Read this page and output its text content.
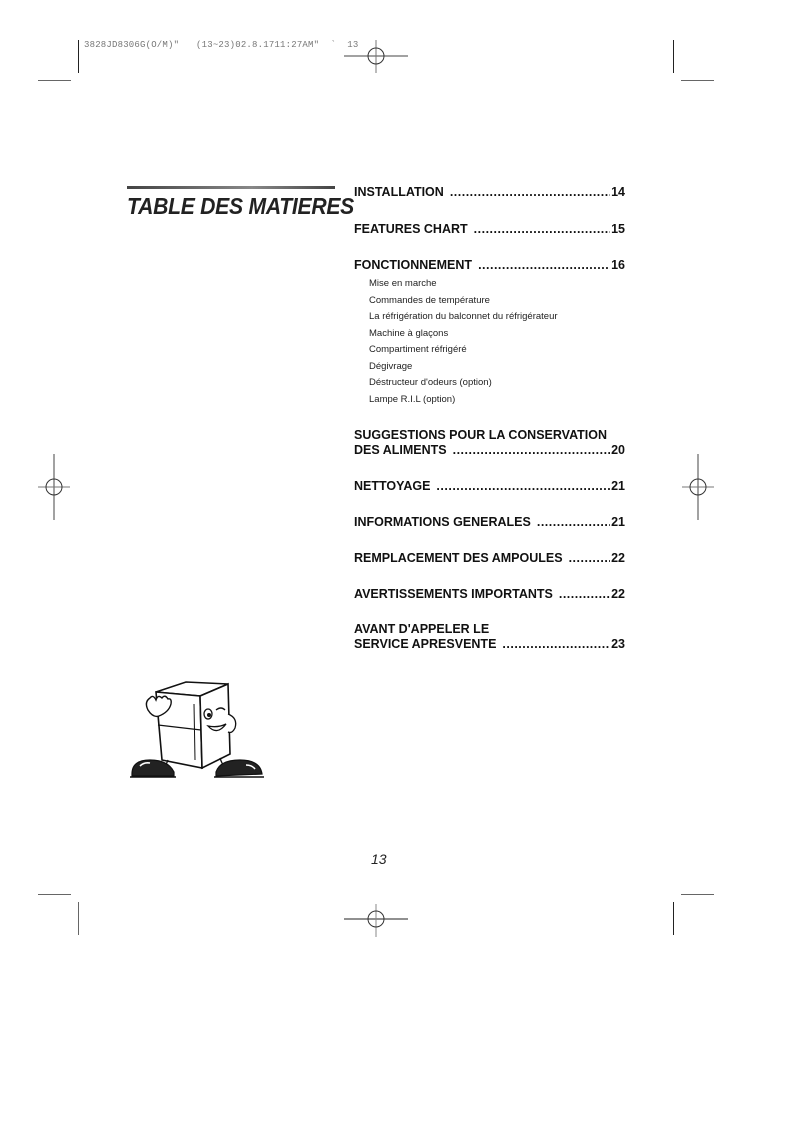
3828JD8306G(O/M)"   (13~23)02.8.1711:27AM"  `  13
TABLE DES MATIERES
INSTALLATION .....	14
FEATURES CHART .....	15
FONCTIONNEMENT .....	16
Mise en marche
Commandes de température
La réfrigération du balconnet du réfrigérateur
Machine à glaçons
Compartiment réfrigéré
Dégivrage
Déstructeur d'odeurs (option)
Lampe R.I.L (option)
SUGGESTIONS POUR LA CONSERVATION
DES ALIMENTS .....	20
NETTOYAGE .....	21
INFORMATIONS GENERALES .....	21
REMPLACEMENT DES AMPOULES .....	22
AVERTISSEMENTS IMPORTANTS .....	22
AVANT D'APPELER LE
SERVICE APRESVENTE .....	23
13
